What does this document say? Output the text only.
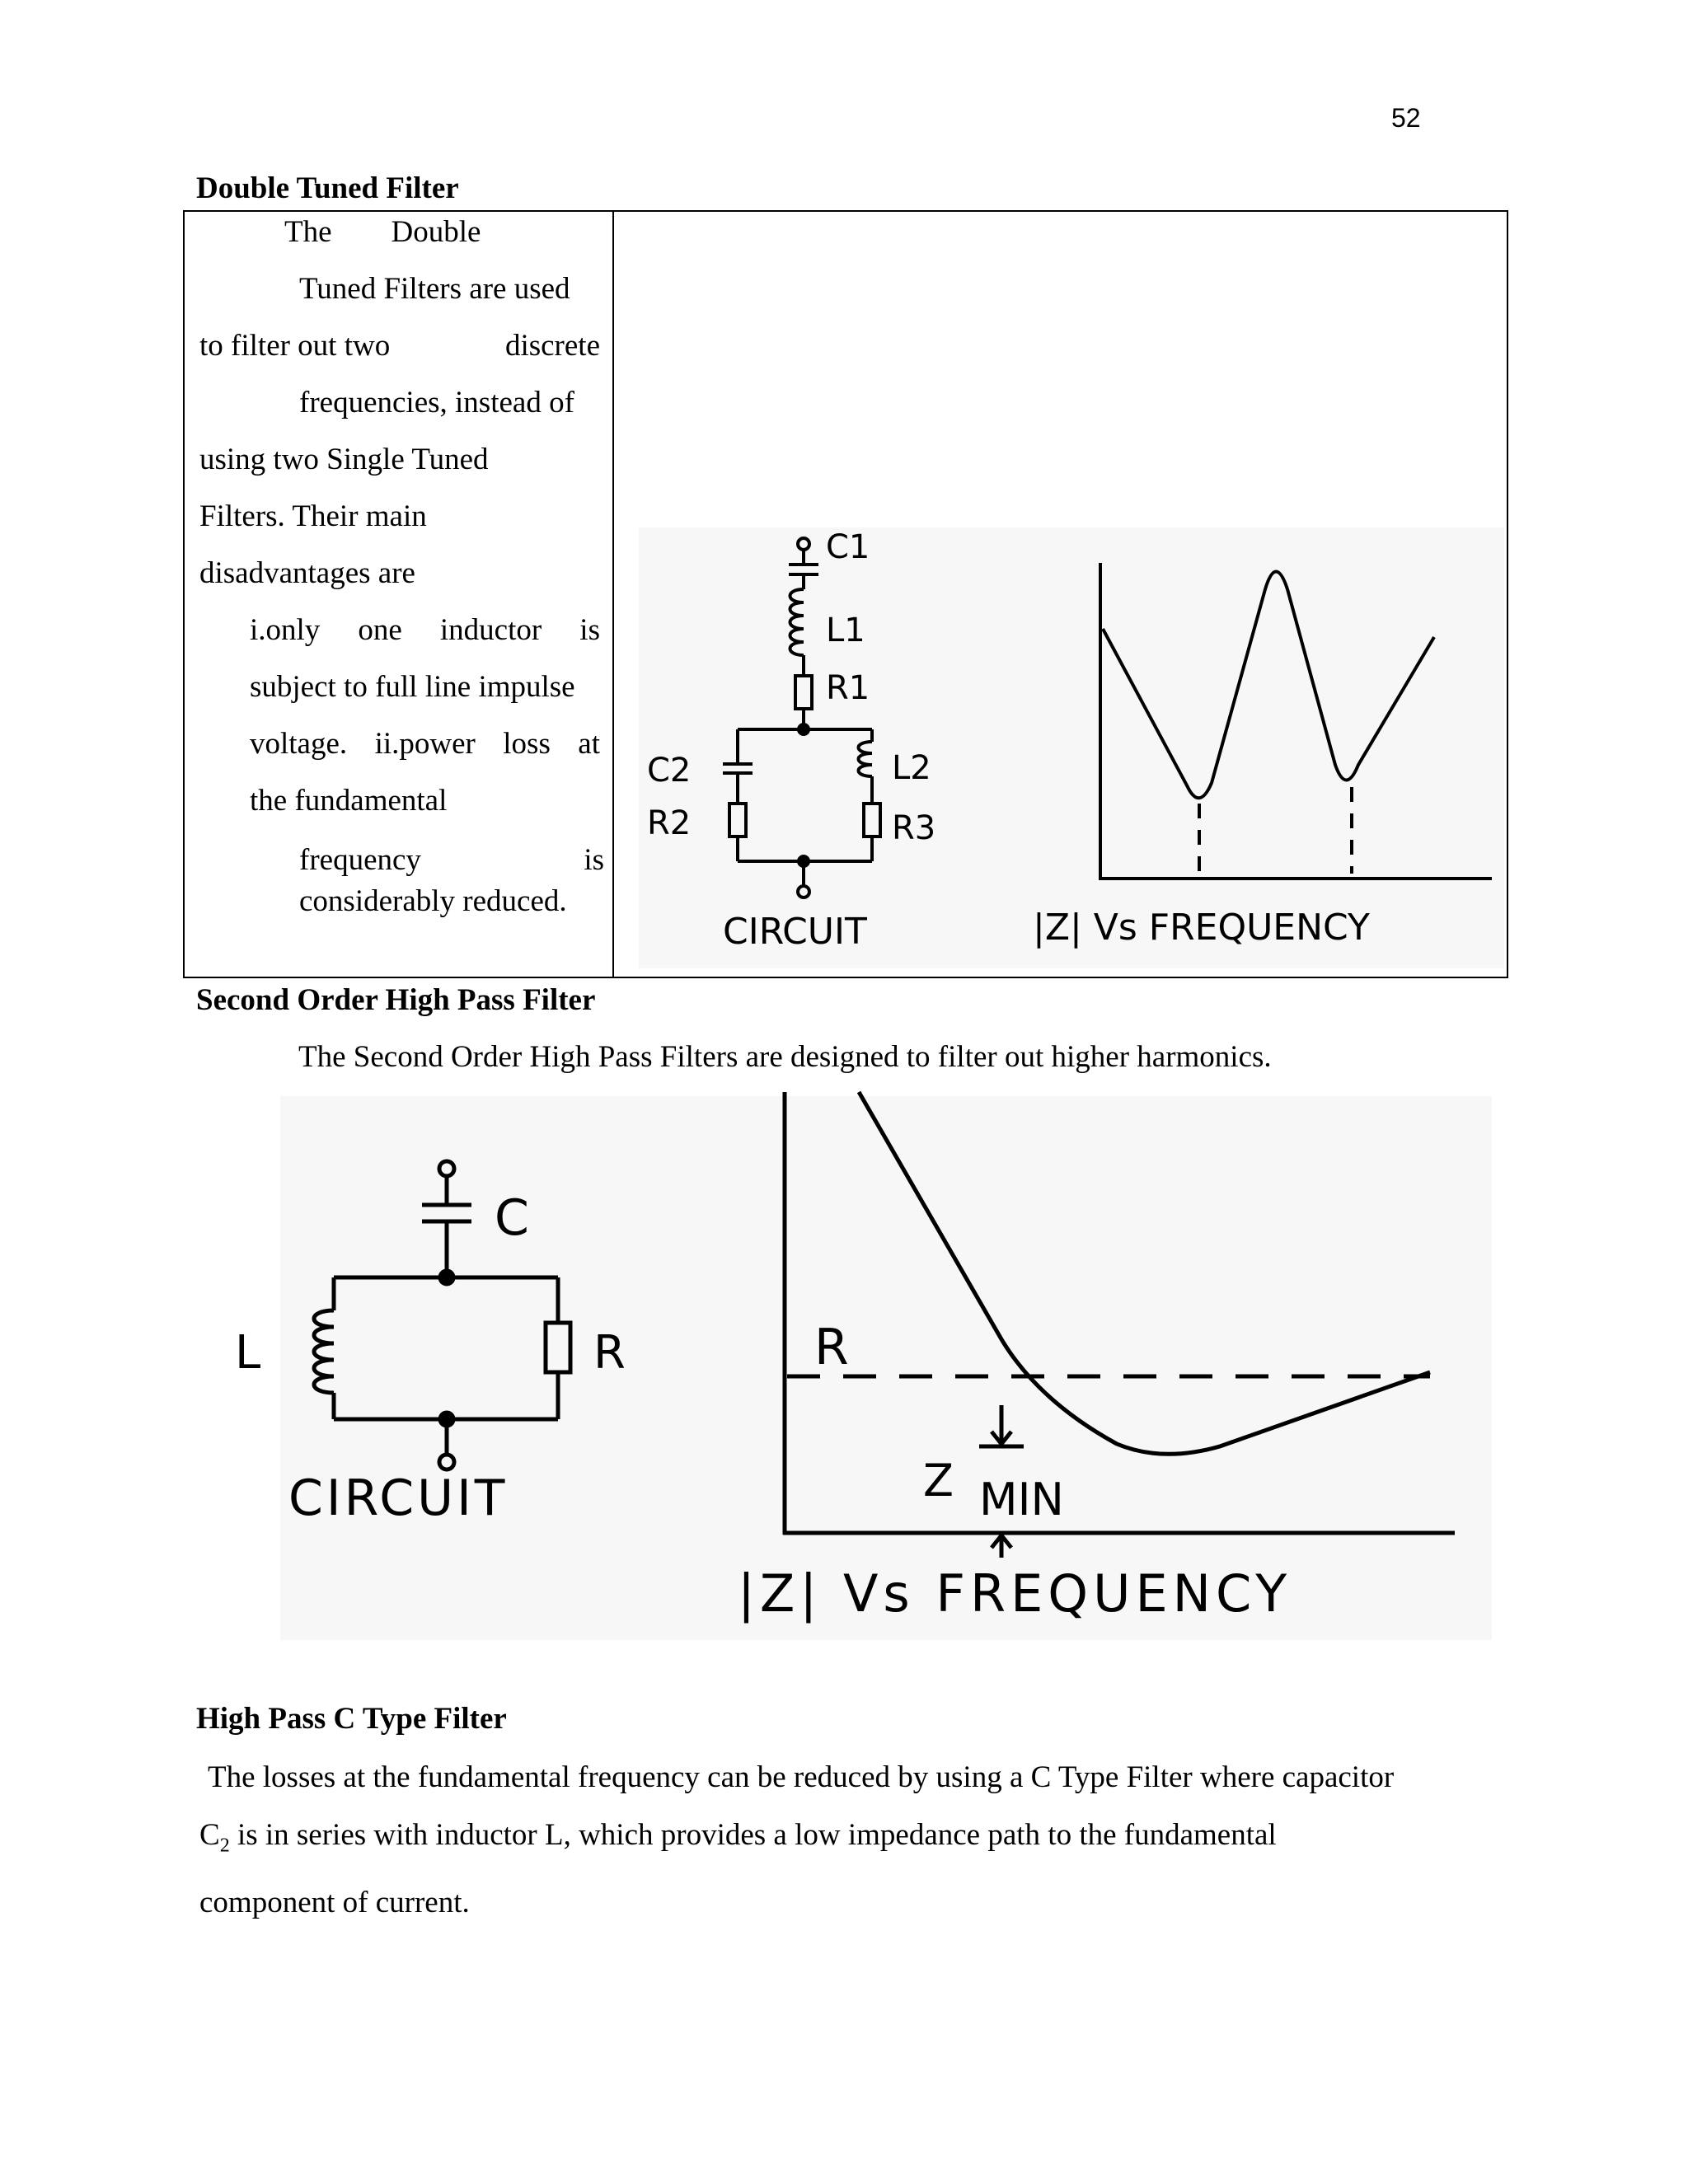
52
Double Tuned Filter
The Double
Tuned Filters are used
to filter out two	discrete
frequencies, instead of
using two Single Tuned
Filters. Their main
disadvantages are
i.only one inductor is
subject to full line impulse
voltage. ii.power loss at
the fundamental
frequency	is
considerably reduced.
C1
L1
R1
C2
R2
L2
R3
CIRCUIT	|Z| Vs FREQUENCY
Second Order High Pass Filter
The Second Order High Pass Filters are designed to filter out higher harmonics.
C
L	R
CIRCUIT
R
Z MIN
|Z| Vs FREQUENCY
High Pass C Type Filter

The losses at the fundamental frequency can be reduced by using a C Type Filter where capacitor

$C_2$ is in series with inductor L, which provides a low impedance path to the fundamental

component of current.
